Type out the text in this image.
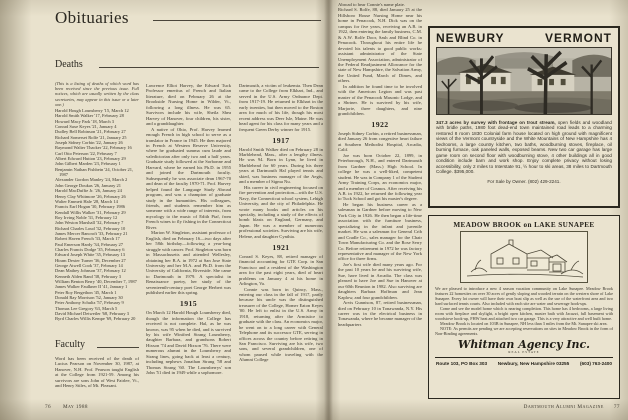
Obituaries
Deaths

(This is a listing of deaths of which word has been received since the previous issue. Full notices, which are usually written by the class secretaries, may appear in this issue or a later one.)

Harold Hough Lounsberry '15, March 12
Harold Smith Walker '17, February 28
Howard Macy Park '18, March 3
Conrad Saxe Keyes '21, January 4
Dudley Bell Robinson '21, February 27
Richard Somerset Rolfe '21, January 25
Joseph Sidney Corbin '22, January 26
Raymond Walter Thacker '22, February 16
Carl Otto Peterson '22, February 7
Albert Edward Hutton '23, February 29
John Gilbert Marden '23, February 1
Benjamin Nathan Fishbein '24, October 21, 1987
Alexander Gordon Manley '24, March 2
John George Doukas '26, January 21
Harold MacDuffie Jr. '26, January 24
Henry Clay Whitmore '26, February 26
Walter Emmett Hale '28, March 14
Francis Earl Hogan '30, February 1986
Kendall Willis Walker '31, February 29
Roy Irving Noble '31, February 12
John Weston Marshall '32, February 7
Richard Charles Loud '32, February 10
James Mercer Bancroft '33, February 21
Robert Haven French '33, March 17
Paul Emerson Hardy '34, February 27
Charles Francis Dodge '35, February 6
Edward Joseph White '35, February 13
Hiram Dexter Turner '36, December 27
George Atwell Cook '37, February 14
Dean Mathey Johnson '37, February 12
Kenneth Alden Rand '38, February 3
William Benton Berry '40, December 7, 1987
James Walker Faulkner II '41, January 1
Peter Roy Bergethon '45, March 1
Donald Ray Morrison '52, January 30
Peter Anthony Schultz '57, February 9
Thomas Lee Gregory '63, March 5
David Michael Detweiler '68, February 3
Byrd Charles Willis Kempe '69, February 20
Faculty
Word has been received of the death of Lucius Pearson on November 30, 1987, at Hanover, N.H. Prof. Pearson taught English at the College from 1921-59. Among his survivors are sons John of West Fairlee, Vt., and Henry Stiles, of Mt. Pleasant.
Lawrence Elliot Harvey, the Edward Tuck Professor emeritus of French and Italian literature, died on February 26 at the Brookside Nursing Home in Wilder, Vt., following a long illness. He was 65. Survivors include his wife, Sheila Shea Harvey of Hanover, four children, his sister, and a granddaughter.
A native of Ohio, Prof. Harvey learned enough French in high school to serve as a translator in France in 1945. He then majored in French at Western Reserve University, where he graduated summa cum laude and valedictorian after only two and a half years. Graduate study followed at the Sorbonne and Harvard, where he earned his Ph.D. in 1955 and joined the Dartmouth faculty. Subsequently he was associate dean 1967-70 and dean of the faculty 1970-71. Prof. Harvey helped found the Language Study Abroad program, and was a champion of graduate study in the humanities. His colleagues, friends, and students remember him as someone with a wide range of interests, from mycology to the music of Edith Piaf, from French wines to fly fishing in the Connecticut River.
Marion W. Singleton, assistant professor of English, died on February 16—two days after her 58th birthday—following a year-long struggle with cancer. Prof. Singleton was born in Massachusetts and attended Wellesley, obtaining her B.A. in 1972 at San Jose State University and her M.A. and Ph.D. from the University of California, Riverside. She came to Dartmouth in 1979. A specialist in Renaissance poetry, her study of the seventeenth-century poet George Herbert was published earlier this spring.
1915
On March 12 Harold Hough Lounsberry died, though the information the College has received is not complete. Hal, as he was known, was 95 when he died, and is survived by his wife Winifred Strang Lounsberry, daughter Barbara, and grandsons Robert Hixson '74 and David Hixson '76. There were numerous alumni in the Lounsberry and Strang lines, going back at least a century, including nephews Jonathan Strang '58 and Thomas Strang '60. The Lounsberrys' son John '51 died in 1949 while a sophomore.
Dartmouth, a victim of leukemia. Then Dean came to the College from Elkhart, Ind., and served in the U.S. Army Ordnance Dept. from 1917-19. He returned to Elkhart in the early twenties, but then moved to the Boston area for much of his life, though his most recent address was Deer Isle, Maine. He was head agent for his class for many years and a frequent Green Derby winner for 1915.
1917
Harold Smith Walker died on February 28 in Marblehead, Mass., after a lengthy illness. He was 94. Born in Lynn, he lived in Marblehead for 60 years. During his three years at Dartmouth Hal played tennis and skied, was business manager of the Aegis, and a member of Sigma Nu.
His career in civil engineering focused on fire prevention and protection—with the U.S. Navy, the Connecticut school system, Lehigh University, and the city of Philadelphia. He wrote many books and articles on his specialty, including a study of the effects of bomb blasts on England, Germany, and Japan. He was a member of numerous professional societies. Surviving are his wife, Helene, and daughter Cynthia.
1921
Conrad S. Keyes, 88, retired manager of financial accounting for GTE Corp. in San Francisco and a resident of the Washington area for the past eight years, died of heart problems on January 4 at his home in Arlington, Va.
Connie was born in Quincy, Mass., entering our class in the fall of 1917, partly because his uncle was the distinguished treasurer of the College, Homer Eaton Keyes '00. He left to enlist in the U.S. Army in 1918, returning after the Armistice to graduate with the class. An economics major, he went on to a long career with General Telephone and its successor GTE, serving in offices across the country before retiring in San Francisco. Surviving are his wife, two sons, and several grandchildren, one of whom paused while traveling with the Alumni College
76 May 1988
Abroad to hear Connie's name plate.
Richard S. Rolfe, 88, died January 25 at the Hillsboro House Nursing Home near his home in Penacook, N.H. Dick was on the campus for five years, receiving an A.B. in 1922, then entering the family business, C.M. & A.W. Rolfe Door, Sash and Blind Co. in Penacook. Throughout his entire life he devoted his talents to good public works: assistant administrator of the State Unemployment Association, administrator of the Federal Readjustment Allowance for the state of New Hampshire, the Salvation Army, the United Fund, March of Dimes, and others.
In addition he found time to be involved with the American Legion and was past master of the Penacook Masonic Lodge, and a Shriner. He is survived by his wife, Marjorie, three daughters, and nine grandchildren.
1922
Joseph Sidney Corbin, a retired businessman, died January 26 from congestive heart failure at Southern Methodist Hospital, Arcadia, Calif.
Joe was born October 22, 1899, in Peterborough, N.H., and entered Dartmouth from Gardner (Mass.) High School. In college he was a well-liked, competent student. He was in Company 1 of the Student Army Training Corps, an economics major, and a member of Cosmos. After receiving his A.B. in 1922, he returned the following year to Tuck School and got his master's degree.
He began his business career as a salesman in Gardner before moving to New York City in 1926. He then began a life-time association with the furniture business, specializing in the infant and juvenile market. He was a salesman for General Crib and Cradle Co., sales manager for the Chair Town Manufacturing Co. and the Rose Serry Co. Before retirement in 1972 he was factory representative and manager of the New York office for three firms.
Joe's first wife died many years ago. For the past 10 years he and his surviving wife, Sue, have lived in Arcadia. The class was pleased to have Joe and Sue in Hanover at our 60th Reunion in 1982. Also surviving are daughters Barbara Hoffman and Jean Kaplow, and four grandchildren.
Arvis Gunnison, 87, retired businessman, died on February 10 in Tonawanda, N.Y. His career was in the electrical business in Tonawanda, where he became manager of the headquarters
NEWBURY	VERMONT

347.3 acres by survey with frontage on trout stream, open fields and woodland with bridle paths, 1980 foot dead-end town maintained road leads to a charming restored 8 room 1830 Colonial farm house located on high ground with magnificent views of the Vermont countryside and the White Mountains of New Hampshire has 4 bedrooms, a large country kitchen, two baths, woodburning stoves, fireplace, oil burning furnace, oak paneled walls, exposed beams. New two car garage has large game room on second floor with woodburning stove, 4 other buildings all in good condition include barn and work shop. Enjoy complete privacy without losing accessibility, only 2 miles to Interstate 91, ½ hour to ski areas, 38 miles to Dartmouth College. $395,000.

For Sale by Owner. (802) 429-2241.
MEADOW BROOK on LAKE SUNAPEE
We are pleased to introduce a new 4 season vacation community on Lake Sunapee. Meadow Brook features 22 homesites on over 30 acres of gently sloping and wooded terrain on the western shore of Lake Sunapee. Every lot owner will have their own boat slip as well as the use of the waterfront area and two hard surfaced tennis courts. Also included with each site are water and sewerage hook-ups.
Come and see the model home which is nearing completion. This home has 4 bedrooms, a large living room with fireplace and skylight, a bright open kitchen, master bath with Jacuzzi, full basement with woodstove hook-up, FHW heat and attached two car garage. This is a very attractive and well built home.
Meadow Brook is located on 103B in Sunapee, NH less than 3 miles from the Mt. Sunapee ski area.
NOTE: As permits are pending we are accepting reservations on sites in Meadow Brook in the form of Non-Binding agreements.
Whitman Agency Inc.
REAL ESTATE
Route 103, PO Box 303 Newbury, New Hampshire 03255 (603) 763-2400
Dartmouth Alumni Magazine 77
